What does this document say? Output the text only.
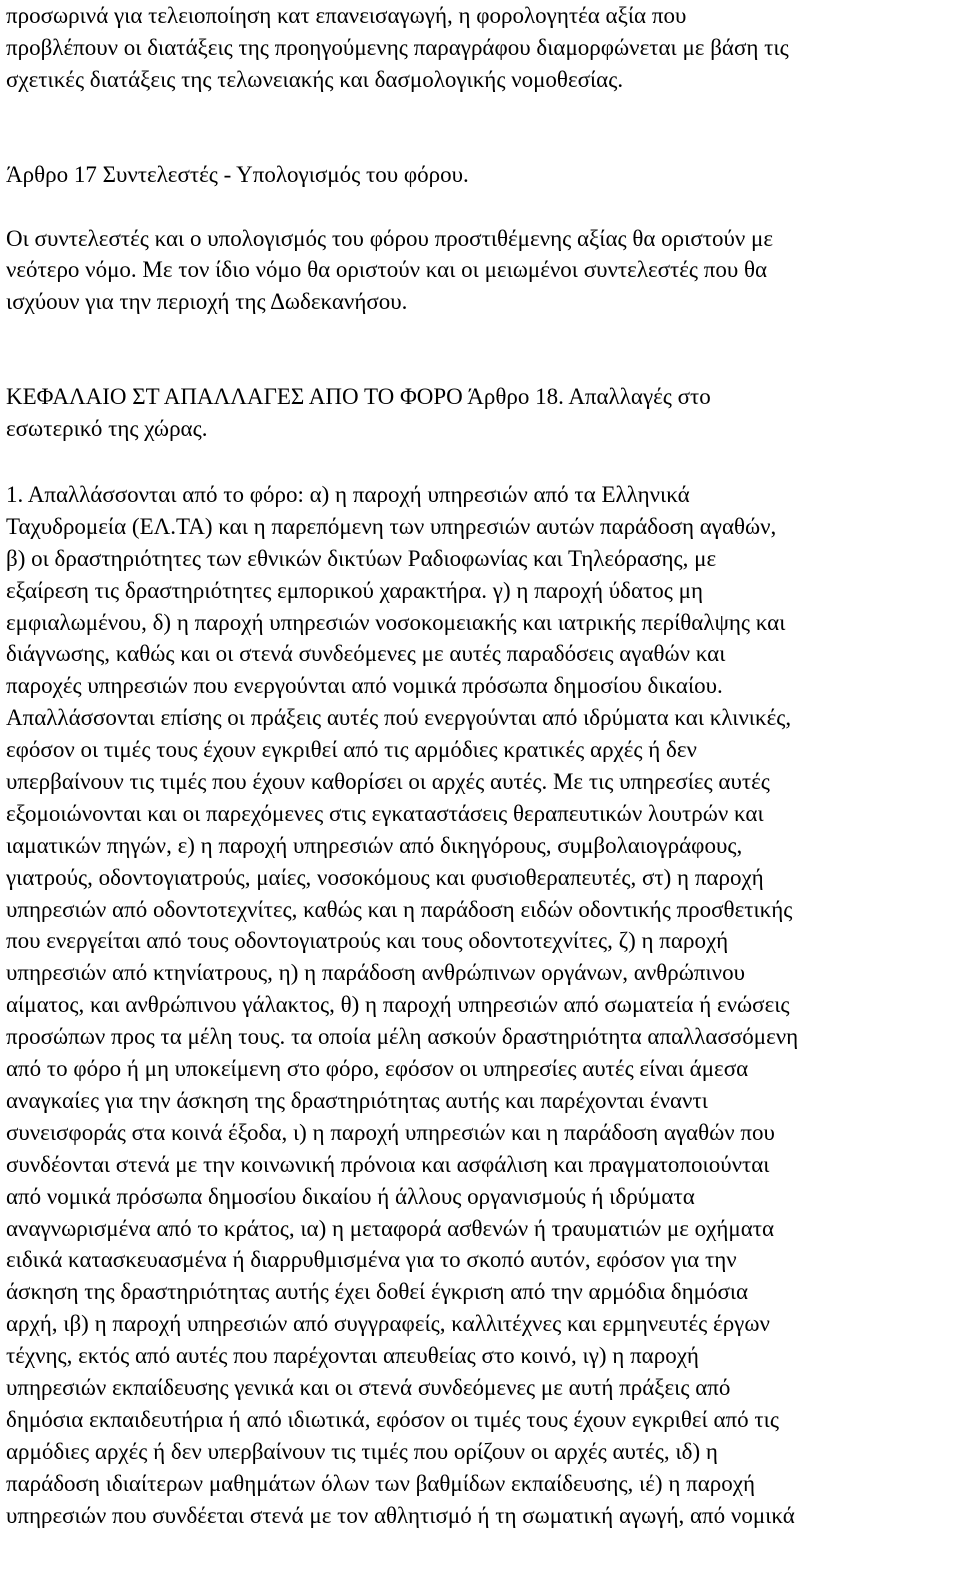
προσωρινά για τελειοποίηση κατ επανεισαγωγή, η φορολογητέα αξία που
προβλέπουν οι διατάξεις της προηγούμενης παραγράφου διαμορφώνεται με βάση τις
σχετικές διατάξεις της τελωνειακής και δασμολογικής νομοθεσίας.
Άρθρο 17 Συντελεστές - Υπολογισμός του φόρου.
Οι συντελεστές και ο υπολογισμός του φόρου προστιθέμενης αξίας θα οριστούν με
νεότερο νόμο. Με τον ίδιο νόμο θα οριστούν και οι μειωμένοι συντελεστές που θα
ισχύουν για την περιοχή της Δωδεκανήσου.
ΚΕΦΑΛΑΙΟ ΣΤ ΑΠΑΛΛΑΓΕΣ ΑΠΟ ΤΟ ΦΟΡΟ Άρθρο 18. Απαλλαγές στο
εσωτερικό της χώρας.
1. Απαλλάσσονται από το φόρο: α) η παροχή υπηρεσιών από τα Ελληνικά
Ταχυδρομεία (ΕΛ.ΤΑ) και η παρεπόμενη των υπηρεσιών αυτών παράδοση αγαθών,
β) οι δραστηριότητες των εθνικών δικτύων Ραδιοφωνίας και Τηλεόρασης, με
εξαίρεση τις δραστηριότητες εμπορικού χαρακτήρα. γ) η παροχή ύδατος μη
εμφιαλωμένου, δ) η παροχή υπηρεσιών νοσοκομειακής και ιατρικής περίθαλψης και
διάγνωσης, καθώς και οι στενά συνδεόμενες με αυτές παραδόσεις αγαθών και
παροχές υπηρεσιών που ενεργούνται από νομικά πρόσωπα δημοσίου δικαίου.
Απαλλάσσονται επίσης οι πράξεις αυτές πού ενεργούνται από ιδρύματα και κλινικές,
εφόσον οι τιμές τους έχουν εγκριθεί από τις αρμόδιες κρατικές αρχές ή δεν
υπερβαίνουν τις τιμές που έχουν καθορίσει οι αρχές αυτές. Με τις υπηρεσίες αυτές
εξομοιώνονται και οι παρεχόμενες στις εγκαταστάσεις θεραπευτικών λουτρών και
ιαματικών πηγών, ε) η παροχή υπηρεσιών από δικηγόρους, συμβολαιογράφους,
γιατρούς, οδοντογιατρούς, μαίες, νοσοκόμους και φυσιοθεραπευτές, στ) η παροχή
υπηρεσιών από οδοντοτεχνίτες, καθώς και η παράδοση ειδών οδοντικής προσθετικής
που ενεργείται από τους οδοντογιατρούς και τους οδοντοτεχνίτες, ζ) η παροχή
υπηρεσιών από κτηνίατρους, η) η παράδοση ανθρώπινων οργάνων, ανθρώπινου
αίματος, και ανθρώπινου γάλακτος, θ) η παροχή υπηρεσιών από σωματεία ή ενώσεις
προσώπων προς τα μέλη τους. τα οποία μέλη ασκούν δραστηριότητα απαλλασσόμενη
από το φόρο ή μη υποκείμενη στο φόρο, εφόσον οι υπηρεσίες αυτές είναι άμεσα
αναγκαίες για την άσκηση της δραστηριότητας αυτής και παρέχονται έναντι
συνεισφοράς στα κοινά έξοδα, ι) η παροχή υπηρεσιών και η παράδοση αγαθών που
συνδέονται στενά με την κοινωνική πρόνοια και ασφάλιση και πραγματοποιούνται
από νομικά πρόσωπα δημοσίου δικαίου ή άλλους οργανισμούς ή ιδρύματα
αναγνωρισμένα από το κράτος, ια) η μεταφορά ασθενών ή τραυματιών με οχήματα
ειδικά κατασκευασμένα ή διαρρυθμισμένα για το σκοπό αυτόν, εφόσον για την
άσκηση της δραστηριότητας αυτής έχει δοθεί έγκριση από την αρμόδια δημόσια
αρχή, ιβ) η παροχή υπηρεσιών από συγγραφείς, καλλιτέχνες και ερμηνευτές έργων
τέχνης, εκτός από αυτές που παρέχονται απευθείας στο κοινό, ιγ) η παροχή
υπηρεσιών εκπαίδευσης γενικά και οι στενά συνδεόμενες με αυτή πράξεις από
δημόσια εκπαιδευτήρια ή από ιδιωτικά, εφόσον οι τιμές τους έχουν εγκριθεί από τις
αρμόδιες αρχές ή δεν υπερβαίνουν τις τιμές που ορίζουν οι αρχές αυτές, ιδ) η
παράδοση ιδιαίτερων μαθημάτων όλων των βαθμίδων εκπαίδευσης, ιέ) η παροχή
υπηρεσιών που συνδέεται στενά με τον αθλητισμό ή τη σωματική αγωγή, από νομικά
